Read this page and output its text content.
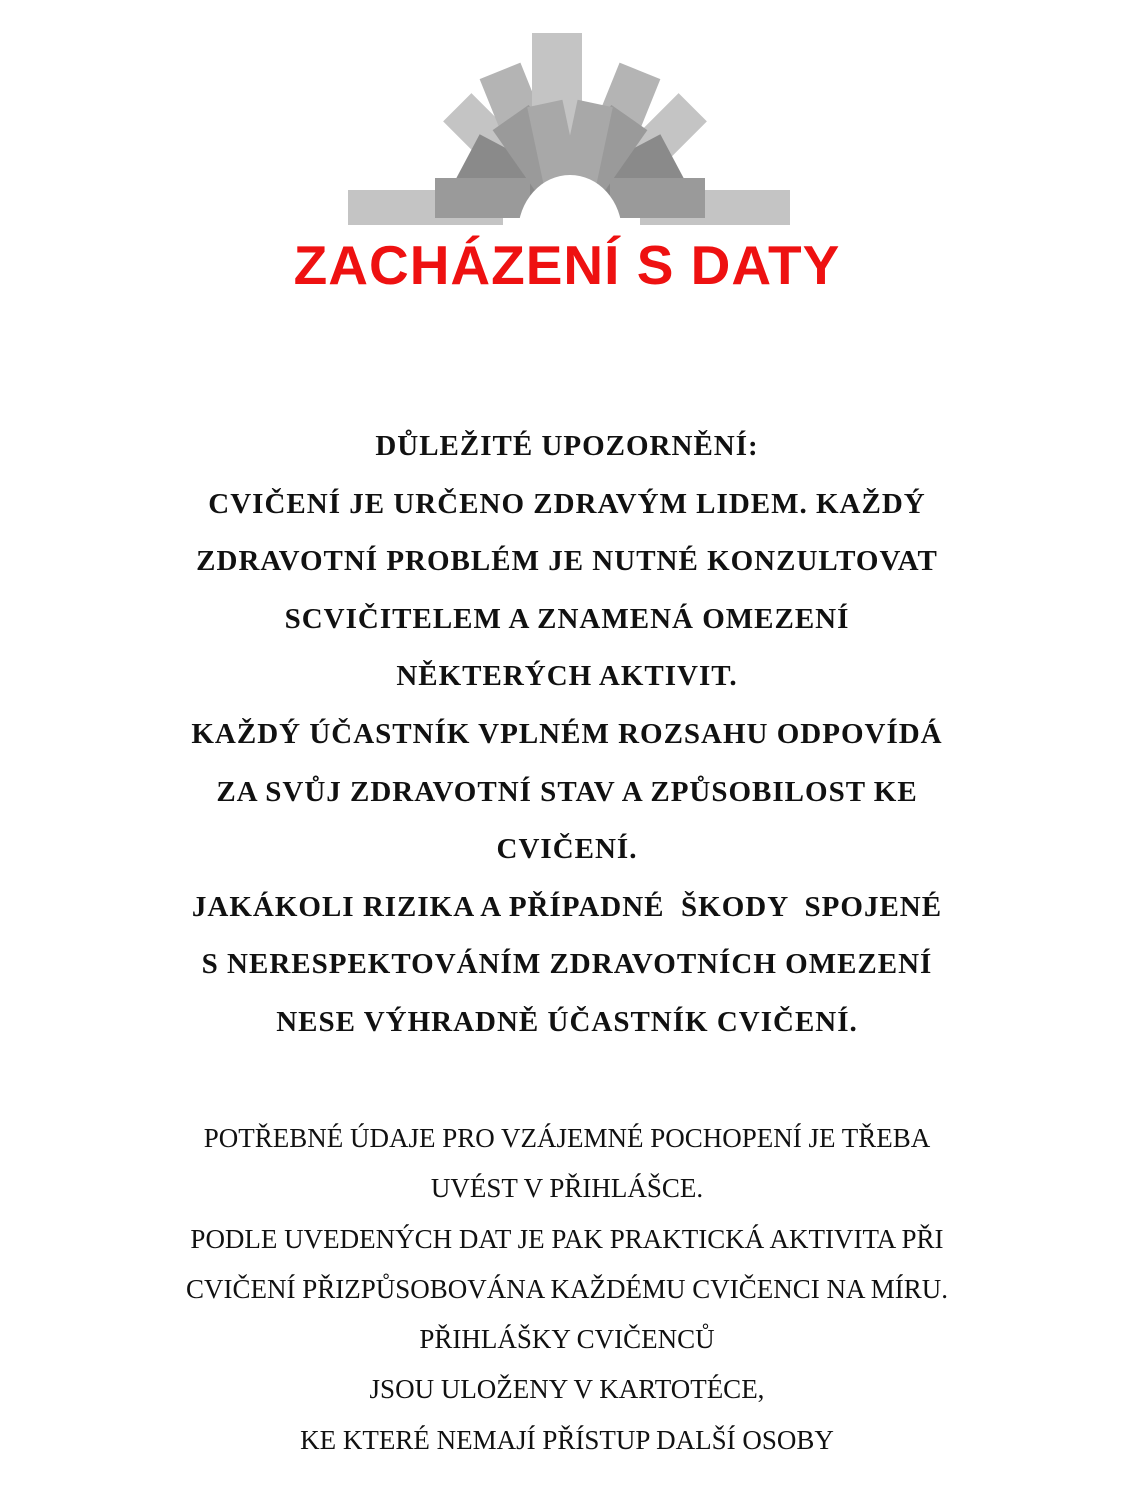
ZACHÁZENÍ S DATY
DŮLEŽITÉ UPOZORNĚNÍ:
CVIČENÍ JE URČENO ZDRAVÝM LIDEM. KAŽDÝ
ZDRAVOTNÍ PROBLÉM JE NUTNÉ KONZULTOVAT
SCVIČITELEM A ZNAMENÁ OMEZENÍ
NĚKTERÝCH AKTIVIT.
KAŽDÝ ÚČASTNÍK VPLNÉM ROZSAHU ODPOVÍDÁ
ZA SVŮJ ZDRAVOTNÍ STAV A ZPŮSOBILOST KE
CVIČENÍ.
JAKÁKOLI RIZIKA A PŘÍPADNÉ  ŠKODY  SPOJENÉ
S NERESPEKTOVÁNÍM ZDRAVOTNÍCH OMEZENÍ
NESE VÝHRADNĚ ÚČASTNÍK CVIČENÍ.
POTŘEBNÉ ÚDAJE PRO VZÁJEMNÉ POCHOPENÍ JE TŘEBA
UVÉST V PŘIHLÁŠCE.
PODLE UVEDENÝCH DAT JE PAK PRAKTICKÁ AKTIVITA PŘI
CVIČENÍ PŘIZPŮSOBOVÁNA KAŽDÉMU CVIČENCI NA MÍRU.
PŘIHLÁŠKY CVIČENCŮ
JSOU ULOŽENY V KARTOTÉCE,
KE KTERÉ NEMAJÍ PŘÍSTUP DALŠÍ OSOBY
